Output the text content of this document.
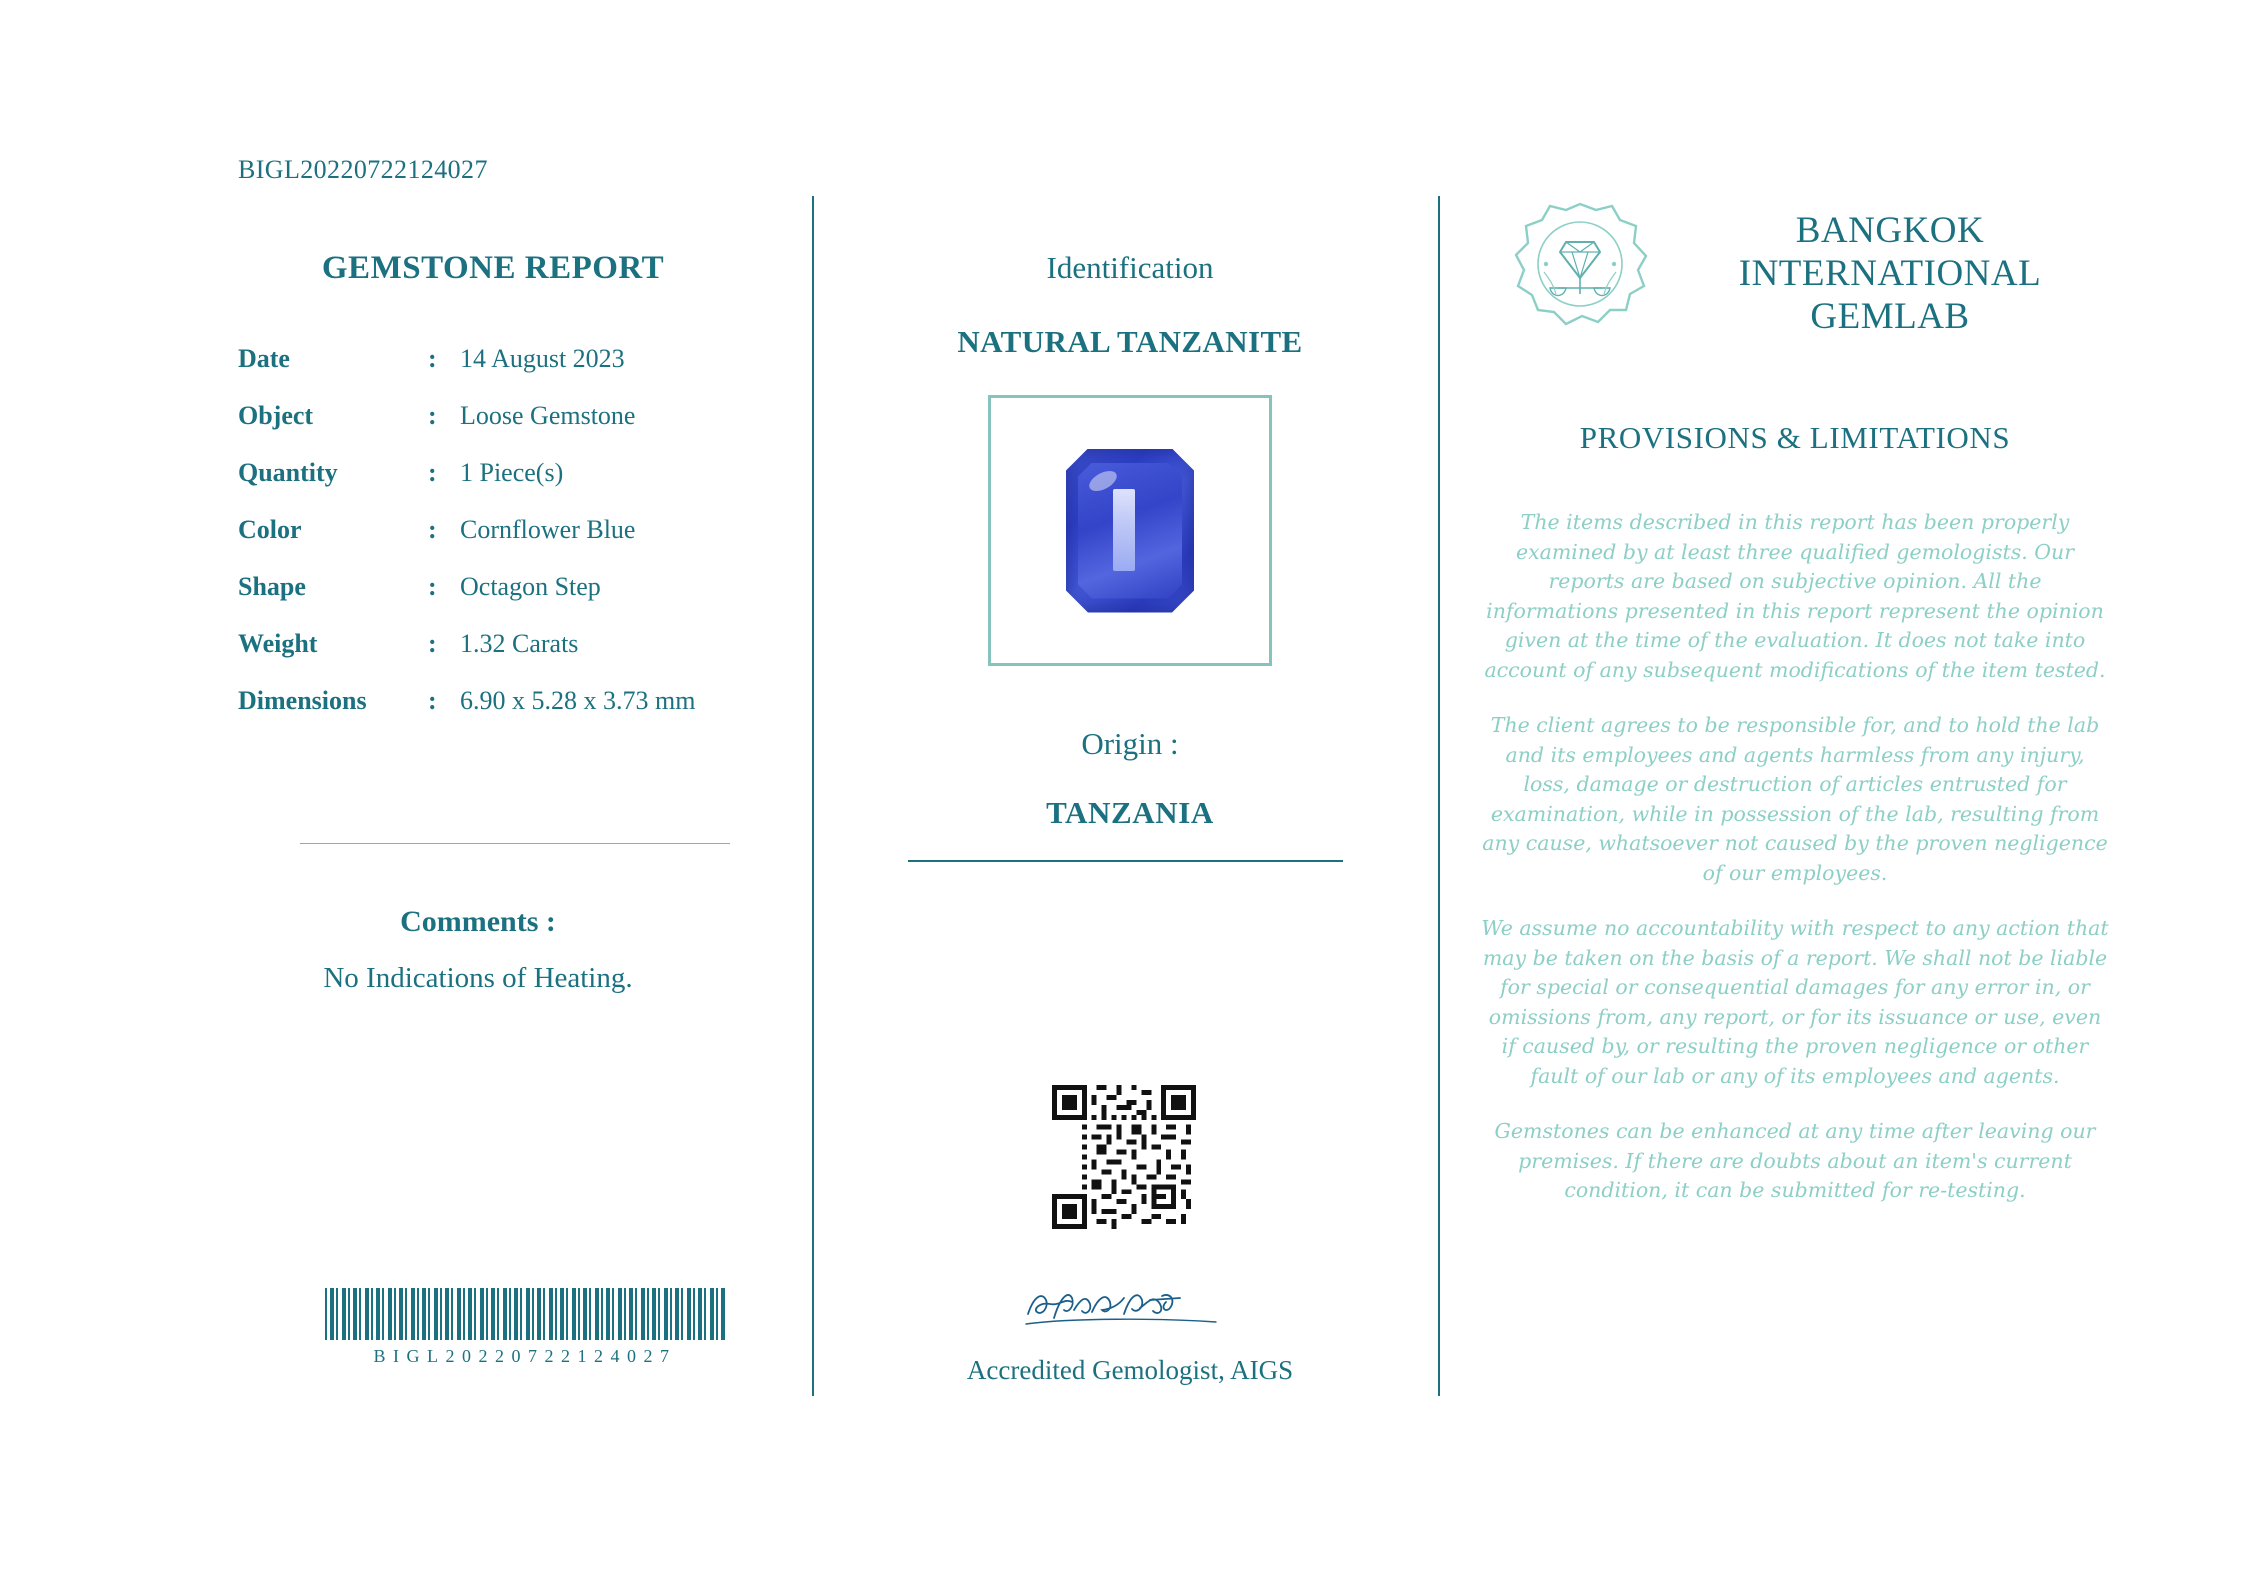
BIGL20220722124027
GEMSTONE REPORT
Date	:	14 August 2023
Object	:	Loose Gemstone
Quantity	:	1 Piece(s)
Color	:	Cornflower Blue
Shape	:	Octagon Step
Weight	:	1.32 Carats
Dimensions	:	6.90 x 5.28 x 3.73 mm
Comments :
No Indications of Heating.
BIGL20220722124027
Identification
NATURAL TANZANITE
Origin :
TANZANIA
Accredited Gemologist, AIGS
BANGKOK
INTERNATIONAL
GEMLAB
PROVISIONS & LIMITATIONS

The items described in this report has been properly examined by at least three qualified gemologists. Our reports are based on subjective opinion. All the informations presented in this report represent the opinion given at the time of the evaluation. It does not take into account of any subsequent modifications of the item tested.

The client agrees to be responsible for, and to hold the lab and its employees and agents harmless from any injury, loss, damage or destruction of articles entrusted for examination, while in possession of the lab, resulting from any cause, whatsoever not caused by the proven negligence of our employees.

We assume no accountability with respect to any action that may be taken on the basis of a report. We shall not be liable for special or consequential damages for any error in, or omissions from, any report, or for its issuance or use, even if caused by, or resulting the proven negligence or other fault of our lab or any of its employees and agents.

Gemstones can be enhanced at any time after leaving our premises. If there are doubts about an item's current condition, it can be submitted for re-testing.
